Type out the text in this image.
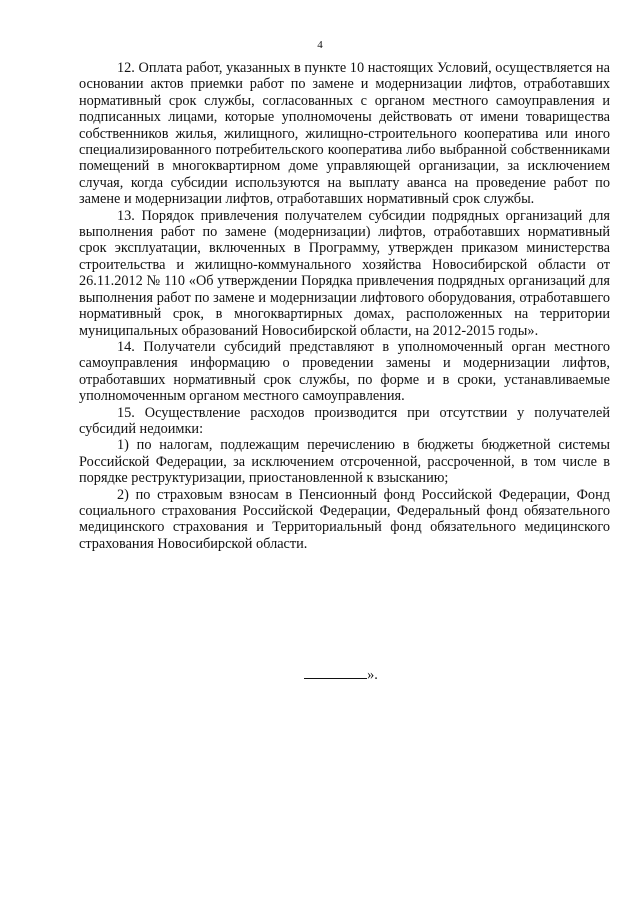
4

12. Оплата работ, указанных в пункте 10 настоящих Условий, осуществляется на основании актов приемки работ по замене и модернизации лифтов, отработавших нормативный срок службы, согласованных с органом местного самоуправления и подписанных лицами, которые уполномочены действовать от имени товарищества собственников жилья, жилищного, жилищно-строительного кооператива или иного специализированного потребительского кооператива либо выбранной собственниками помещений в многоквартирном доме управляющей организации, за исключением случая, когда субсидии используются на выплату аванса на проведение работ по замене и модернизации лифтов, отработавших нормативный срок службы.

13. Порядок привлечения получателем субсидии подрядных организаций для выполнения работ по замене (модернизации) лифтов, отработавших нормативный срок эксплуатации, включенных в Программу, утвержден приказом министерства строительства и жилищно-коммунального хозяйства Новосибирской области от 26.11.2012 № 110 «Об утверждении Порядка привлечения подрядных организаций для выполнения работ по замене и модернизации лифтового оборудования, отработавшего нормативный срок, в многоквартирных домах, расположенных на территории муниципальных образований Новосибирской области, на 2012-2015 годы».

14. Получатели субсидий представляют в уполномоченный орган местного самоуправления информацию о проведении замены и модернизации лифтов, отработавших нормативный срок службы, по форме и в сроки, устанавливаемые уполномоченным органом местного самоуправления.

15. Осуществление расходов производится при отсутствии у получателей субсидий недоимки:

1) по налогам, подлежащим перечислению в бюджеты бюджетной системы Российской Федерации, за исключением отсроченной, рассроченной, в том числе в порядке реструктуризации, приостановленной к взысканию;

2) по страховым взносам в Пенсионный фонд Российской Федерации, Фонд социального страхования Российской Федерации, Федеральный фонд обязательного медицинского страхования и Территориальный фонд обязательного медицинского страхования Новосибирской области.

».
